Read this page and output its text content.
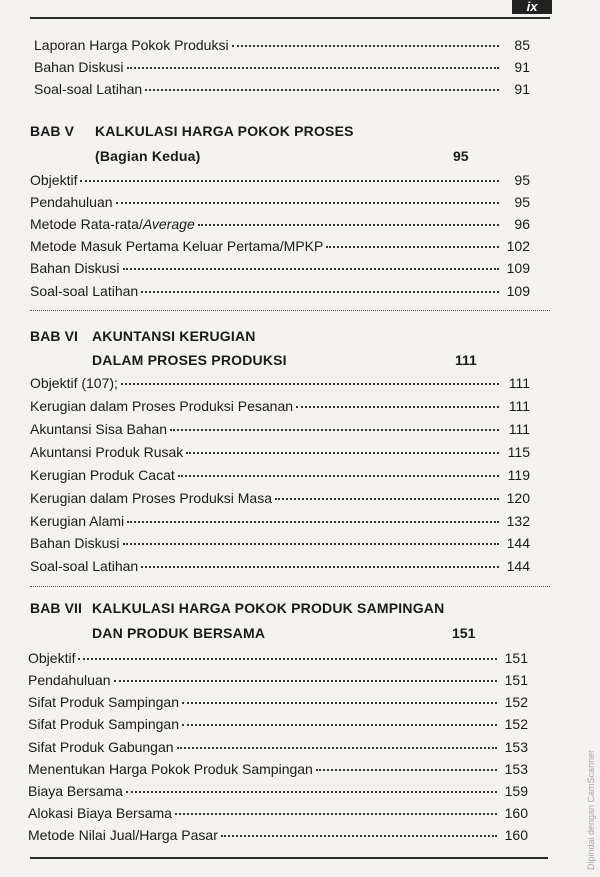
ix
Laporan Harga Pokok Produksi	85
Bahan Diskusi	91
Soal-soal Latihan	91
BAB V KALKULASI HARGA POKOK PROSES
(Bagian Kedua)	95
Objektif	95
Pendahuluan	95
Metode Rata-rata/Average	96
Metode Masuk Pertama Keluar Pertama/MPKP	102
Bahan Diskusi	109
Soal-soal Latihan	109
BAB VI AKUNTANSI KERUGIAN
DALAM PROSES PRODUKSI	111
Objektif (107);	111
Kerugian dalam Proses Produksi Pesanan	111
Akuntansi Sisa Bahan	111
Akuntansi Produk Rusak	115
Kerugian Produk Cacat	119
Kerugian dalam Proses Produksi Masa	120
Kerugian Alami	132
Bahan Diskusi	144
Soal-soal Latihan	144
BAB VII KALKULASI HARGA POKOK PRODUK SAMPINGAN
DAN PRODUK BERSAMA	151
Objektif	151
Pendahuluan	151
Sifat Produk Sampingan	152
Sifat Produk Sampingan	152
Sifat Produk Gabungan	153
Menentukan Harga Pokok Produk Sampingan	153
Biaya Bersama	159
Alokasi Biaya Bersama	160
Metode Nilai Jual/Harga Pasar	160	Dipindai dengan CamScanner
